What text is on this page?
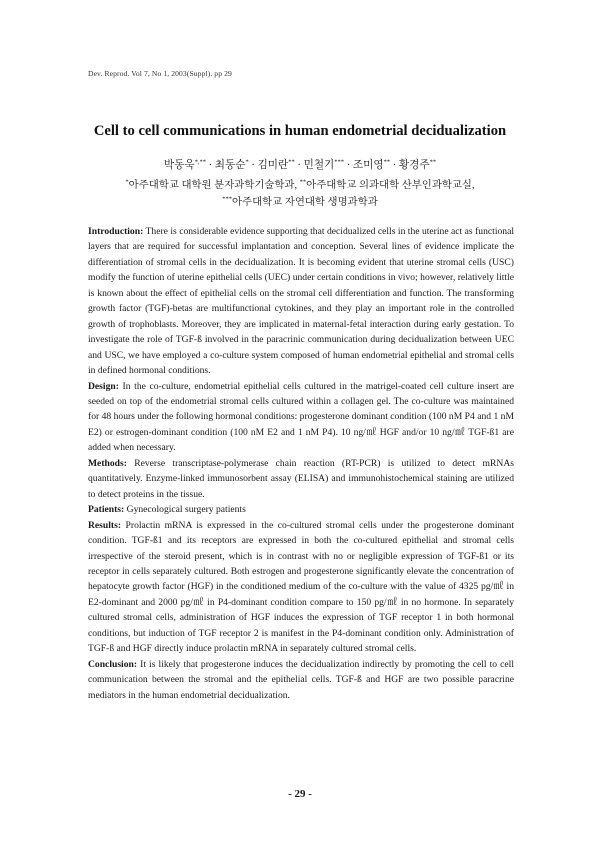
Dev. Reprod. Vol 7, No 1, 2003(Suppl). pp 29
Cell to cell communications in human endometrial decidualization
박동욱*,** · 최동순* · 김미란** · 민철기*** · 조미영** · 황경주**
*아주대학교 대학원 분자과학기술학과, **아주대학교 의과대학 산부인과학교실,
***아주대학교 자연대학 생명과학과

Introduction: There is considerable evidence supporting that decidualized cells in the uterine act as functional layers that are required for successful implantation and conception. Several lines of evidence implicate the differentiation of stromal cells in the decidualization. It is becoming evident that uterine stromal cells (USC) modify the function of uterine epithelial cells (UEC) under certain conditions in vivo; however, relatively little is known about the effect of epithelial cells on the stromal cell differentiation and function. The transforming growth factor (TGF)-betas are multifunctional cytokines, and they play an important role in the controlled growth of trophoblasts. Moreover, they are implicated in maternal-fetal interaction during early gestation. To investigate the role of TGF-ß involved in the paracrinic communication during decidualization between UEC and USC, we have employed a co-culture system composed of human endometrial epithelial and stromal cells in defined hormonal conditions.

Design: In the co-culture, endometrial epithelial cells cultured in the matrigel-coated cell culture insert are seeded on top of the endometrial stromal cells cultured within a collagen gel. The co-culture was maintained for 48 hours under the following hormonal conditions: progesterone dominant condition (100 nM P4 and 1 nM E2) or estrogen-dominant condition (100 nM E2 and 1 nM P4). 10 ng/㎖ HGF and/or 10 ng/㎖ TGF-ß1 are added when necessary.

Methods: Reverse transcriptase-polymerase chain reaction (RT-PCR) is utilized to detect mRNAs quantitatively. Enzyme-linked immunosorbent assay (ELISA) and immunohistochemical staining are utilized to detect proteins in the tissue.

Patients: Gynecological surgery patients

Results: Prolactin mRNA is expressed in the co-cultured stromal cells under the progesterone dominant condition. TGF-ß1 and its receptors are expressed in both the co-cultured epithelial and stromal cells irrespective of the steroid present, which is in contrast with no or negligible expression of TGF-ß1 or its receptor in cells separately cultured. Both estrogen and progesterone significantly elevate the concentration of hepatocyte growth factor (HGF) in the conditioned medium of the co-culture with the value of 4325 pg/㎖ in E2-dominant and 2000 pg/㎖ in P4-dominant condition compare to 150 pg/㎖ in no hormone. In separately cultured stromal cells, administration of HGF induces the expression of TGF receptor 1 in both hormonal conditions, but induction of TGF receptor 2 is manifest in the P4-dominant condition only. Administration of TGF-ß and HGF directly induce prolactin mRNA in separately cultured stromal cells.

Conclusion: It is likely that progesterone induces the decidualization indirectly by promoting the cell to cell communication between the stromal and the epithelial cells. TGF-ß and HGF are two possible paracrine mediators in the human endometrial decidualization.

- 29 -
